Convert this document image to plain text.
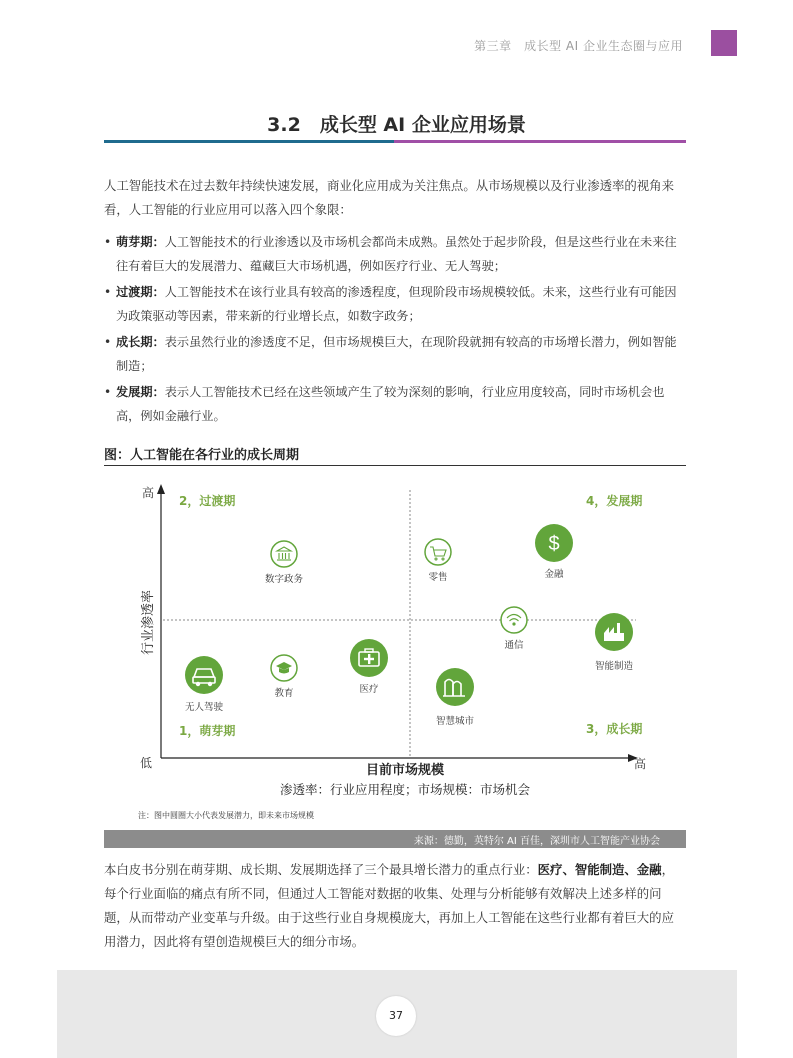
第三章　成长型 AI 企业生态圈与应用
3.2　成长型 AI 企业应用场景
人工智能技术在过去数年持续快速发展，商业化应用成为关注焦点。从市场规模以及行业渗透率的视角来看，人工智能的行业应用可以落入四个象限：
• 萌芽期：人工智能技术的行业渗透以及市场机会都尚未成熟。虽然处于起步阶段，但是这些行业在未来往往有着巨大的发展潜力、蕴藏巨大市场机遇，例如医疗行业、无人驾驶；
• 过渡期：人工智能技术在该行业具有较高的渗透程度，但现阶段市场规模较低。未来，这些行业有可能因为政策驱动等因素，带来新的行业增长点，如数字政务；
• 成长期：表示虽然行业的渗透度不足，但市场规模巨大，在现阶段就拥有较高的市场增长潜力，例如智能制造；
• 发展期：表示人工智能技术已经在这些领域产生了较为深刻的影响，行业应用度较高，同时市场机会也高，例如金融行业。
图：人工智能在各行业的成长周期
$
高
低	高
行业渗透率
目前市场规模
渗透率：行业应用程度；市场规模：市场机会
2，过渡期	4，发展期
1，萌芽期	3，成长期
数字政务	零售	金融
通信
智能制造
无人驾驶
教育	医疗
智慧城市
注：图中圆圈大小代表发展潜力，即未来市场规模
来源：德勤，英特尔 AI 百佳，深圳市人工智能产业协会
本白皮书分别在萌芽期、成长期、发展期选择了三个最具增长潜力的重点行业：医疗、智能制造、金融，每个行业面临的痛点有所不同，但通过人工智能对数据的收集、处理与分析能够有效解决上述多样的问题，从而带动产业变革与升级。由于这些行业自身规模庞大，再加上人工智能在这些行业都有着巨大的应用潜力，因此将有望创造规模巨大的细分市场。
37
